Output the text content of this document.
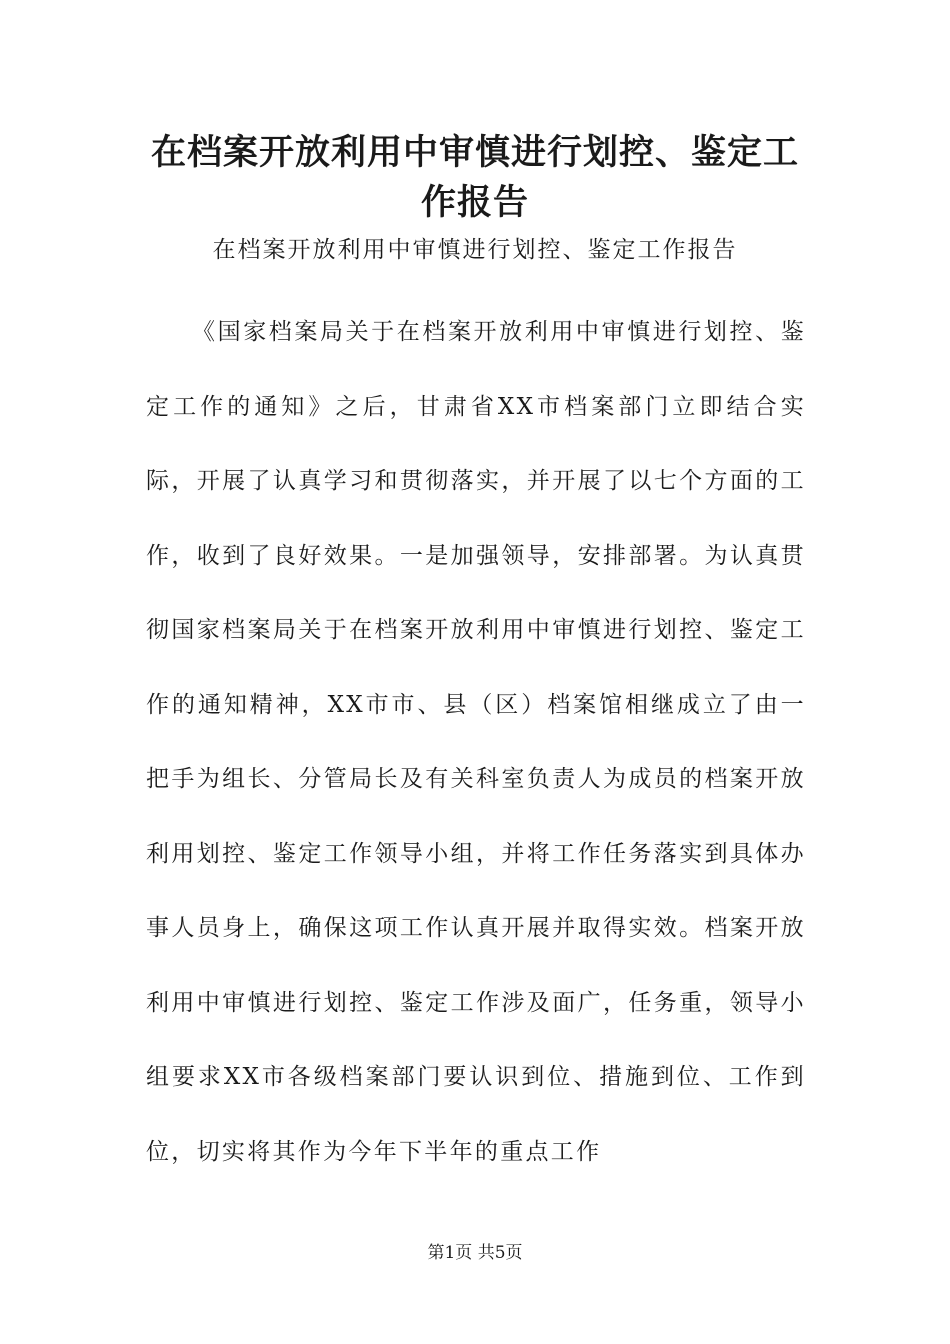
在档案开放利用中审慎进行划控、鉴定工作报告

在档案开放利用中审慎进行划控、鉴定工作报告

《国家档案局关于在档案开放利用中审慎进行划控、鉴定工作的通知》之后，甘肃省XX市档案部门立即结合实际，开展了认真学习和贯彻落实，并开展了以七个方面的工作，收到了良好效果。一是加强领导，安排部署。为认真贯彻国家档案局关于在档案开放利用中审慎进行划控、鉴定工作的通知精神，XX市市、县（区）档案馆相继成立了由一把手为组长、分管局长及有关科室负责人为成员的档案开放利用划控、鉴定工作领导小组，并将工作任务落实到具体办事人员身上，确保这项工作认真开展并取得实效。档案开放利用中审慎进行划控、鉴定工作涉及面广，任务重，领导小组要求XX市各级档案部门要认识到位、措施到位、工作到位，切实将其作为今年下半年的重点工作

第1页 共5页
